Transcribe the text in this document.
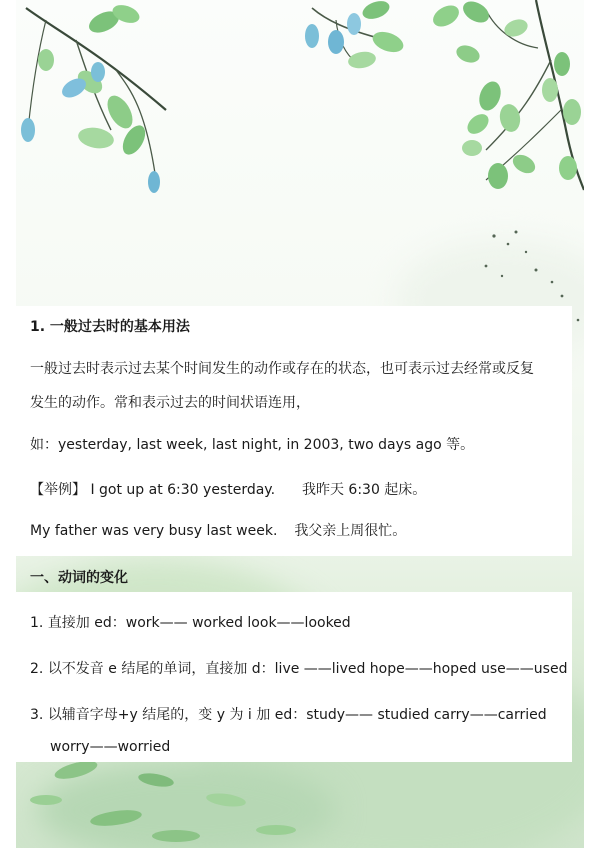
1. 一般过去时的基本用法
一般过去时表示过去某个时间发生的动作或存在的状态，也可表示过去经常或反复
发生的动作。常和表示过去的时间状语连用，
如：yesterday, last week, last night, in 2003, two days ago 等。
【举例】 I got up at 6:30 yesterday. 我昨天 6:30 起床。
My father was very busy last week. 我父亲上周很忙。
一、动词的变化
1. 直接加 ed：work—— worked look——looked
2. 以不发音 e 结尾的单词，直接加 d：live ——lived hope——hoped use——used
3. 以辅音字母+y 结尾的，变 y 为 i 加 ed：study—— studied carry——carried
worry——worried
